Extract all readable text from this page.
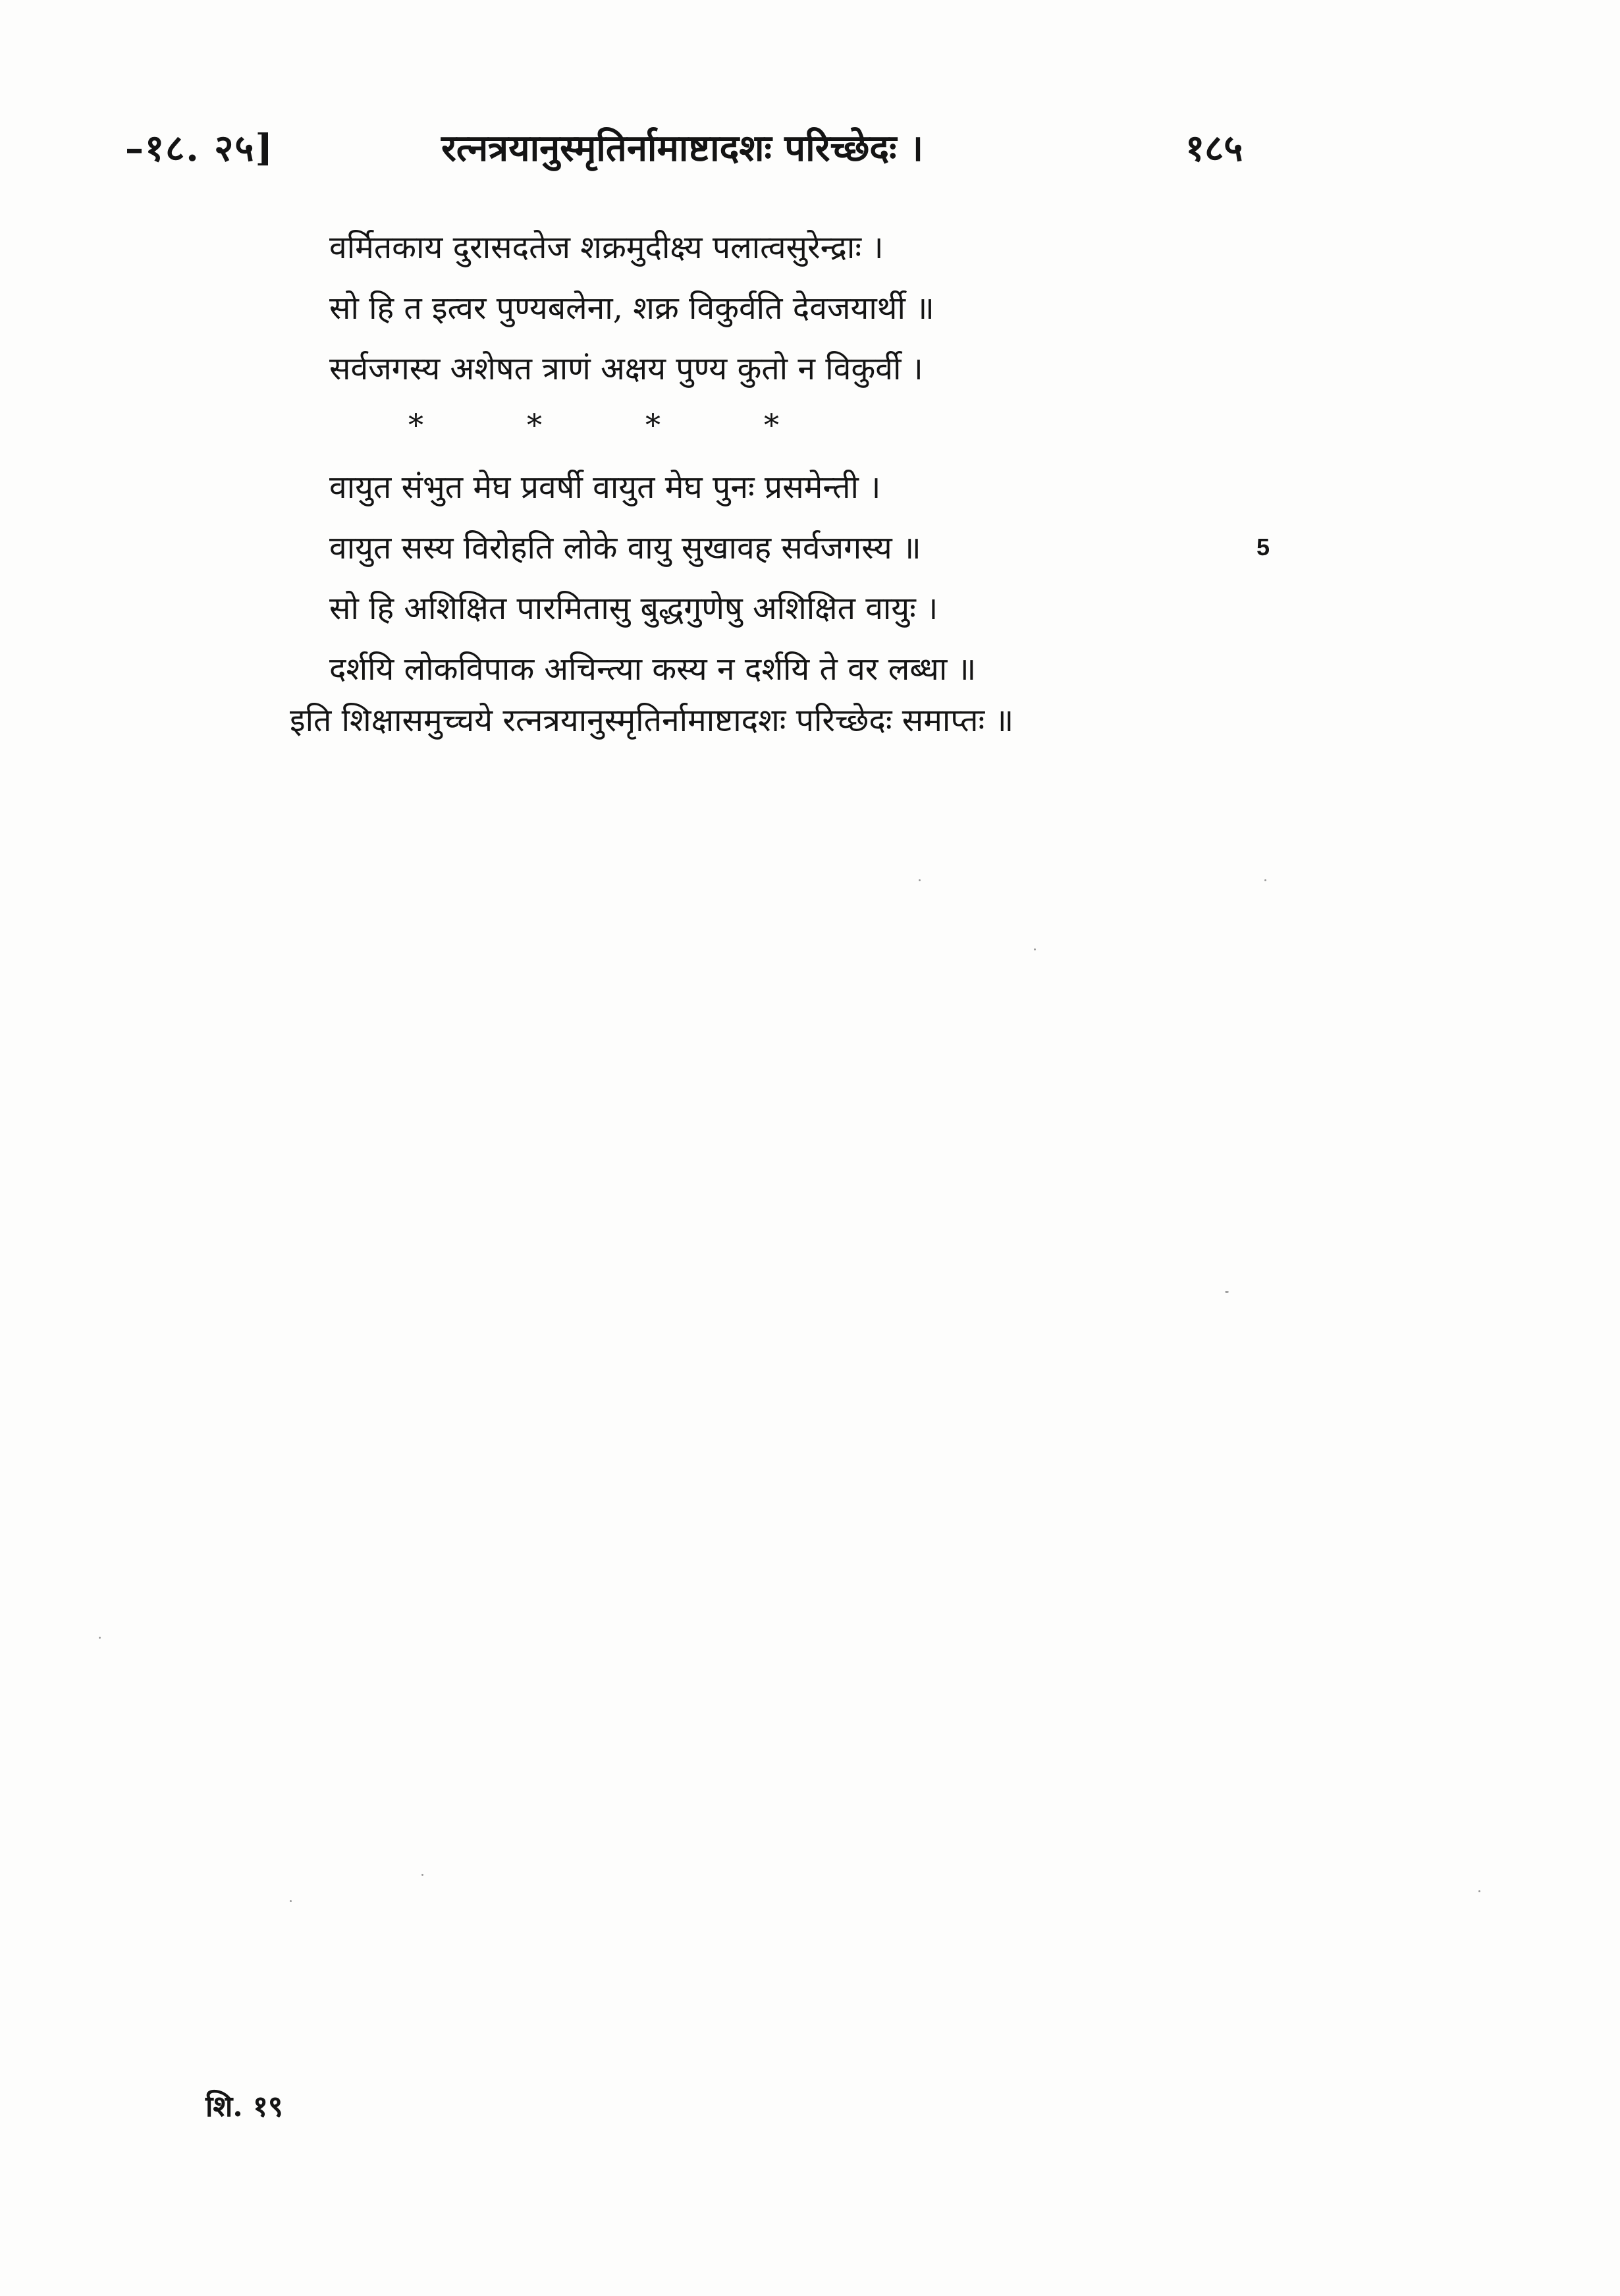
–१८. २५]	रत्नत्रयानुस्मृतिर्नामाष्टादशः परिच्छेदः ।	१८५
वर्मितकाय दुरासदतेज शक्रमुदीक्ष्य पलात्वसुरेन्द्राः ।
सो हि त इत्वर पुण्यबलेना, शक्र विकुर्वति देवजयार्थी ॥
सर्वजगस्य अशेषत त्राणं अक्षय पुण्य कुतो न विकुर्वी ।
*	*	*	*
वायुत संभुत मेघ प्रवर्षी वायुत मेघ पुनः प्रसमेन्ती ।
वायुत सस्य विरोहति लोके वायु सुखावह सर्वजगस्य ॥
सो हि अशिक्षित पारमितासु बुद्धगुणेषु अशिक्षित वायुः ।
दर्शयि लोकविपाक अचिन्त्या कस्य न दर्शयि ते वर लब्धा ॥
5
इति शिक्षासमुच्चये रत्नत्रयानुस्मृतिर्नामाष्टादशः परिच्छेदः समाप्तः ॥
शि. १९
